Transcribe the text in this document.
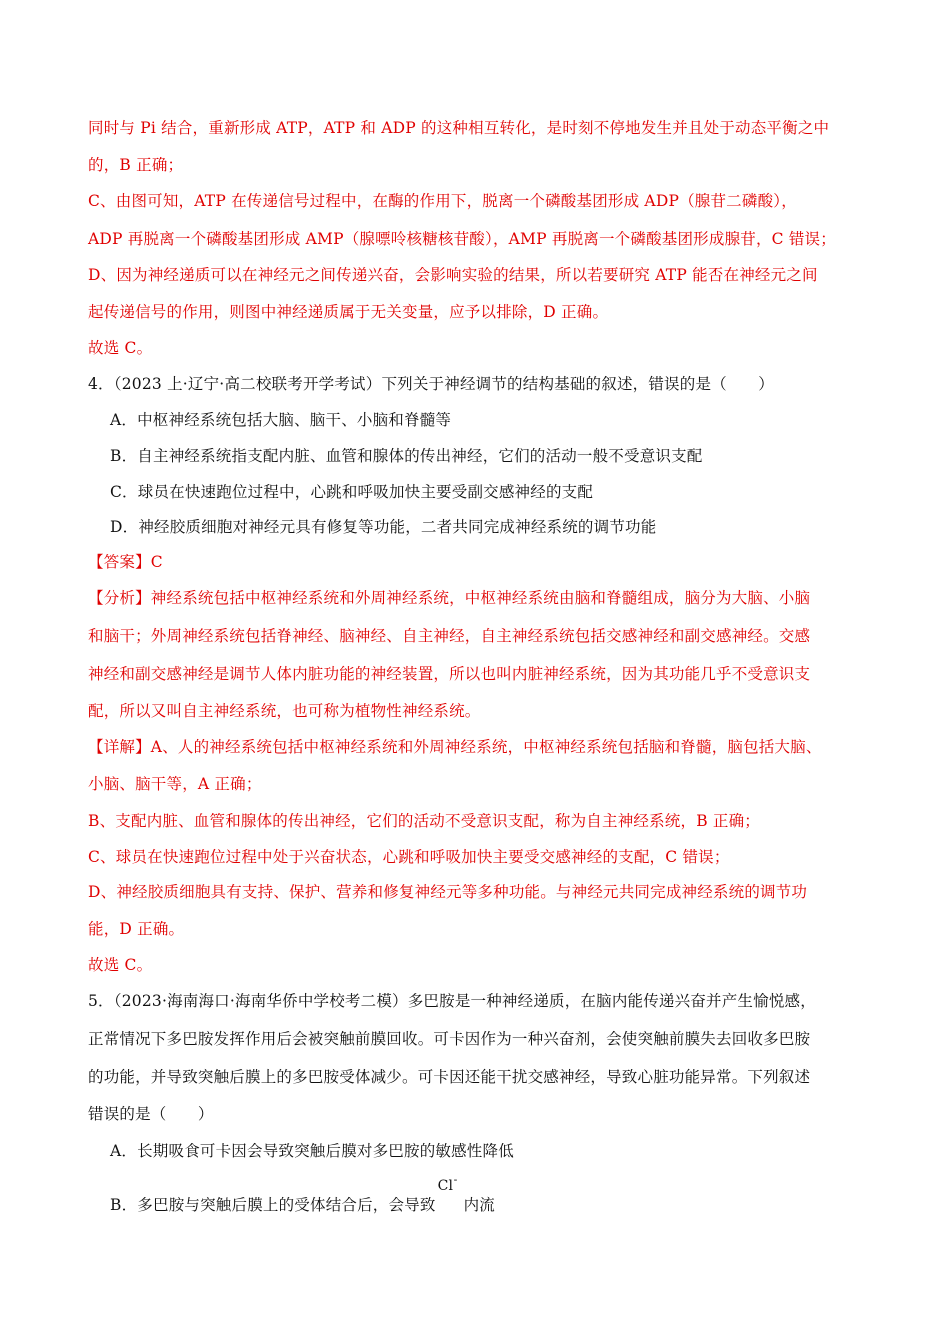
同时与 Pi 结合，重新形成 ATP，ATP 和 ADP 的这种相互转化，是时刻不停地发生并且处于动态平衡之中
的，B 正确；
C、由图可知，ATP 在传递信号过程中，在酶的作用下，脱离一个磷酸基团形成 ADP（腺苷二磷酸），
ADP 再脱离一个磷酸基团形成 AMP（腺嘌呤核糖核苷酸），AMP 再脱离一个磷酸基团形成腺苷，C 错误；
D、因为神经递质可以在神经元之间传递兴奋，会影响实验的结果，所以若要研究 ATP 能否在神经元之间
起传递信号的作用，则图中神经递质属于无关变量，应予以排除，D 正确。
故选 C。
4．（2023 上·辽宁·高二校联考开学考试）下列关于神经调节的结构基础的叙述，错误的是（　　）
A．中枢神经系统包括大脑、脑干、小脑和脊髓等
B．自主神经系统指支配内脏、血管和腺体的传出神经，它们的活动一般不受意识支配
C．球员在快速跑位过程中，心跳和呼吸加快主要受副交感神经的支配
D．神经胶质细胞对神经元具有修复等功能，二者共同完成神经系统的调节功能
【答案】C
【分析】神经系统包括中枢神经系统和外周神经系统，中枢神经系统由脑和脊髓组成，脑分为大脑、小脑
和脑干；外周神经系统包括脊神经、脑神经、自主神经，自主神经系统包括交感神经和副交感神经。交感
神经和副交感神经是调节人体内脏功能的神经装置，所以也叫内脏神经系统，因为其功能几乎不受意识支
配，所以又叫自主神经系统，也可称为植物性神经系统。
【详解】A、人的神经系统包括中枢神经系统和外周神经系统，中枢神经系统包括脑和脊髓，脑包括大脑、
小脑、脑干等，A 正确；
B、支配内脏、血管和腺体的传出神经，它们的活动不受意识支配，称为自主神经系统，B 正确；
C、球员在快速跑位过程中处于兴奋状态，心跳和呼吸加快主要受交感神经的支配，C 错误；
D、神经胶质细胞具有支持、保护、营养和修复神经元等多种功能。与神经元共同完成神经系统的调节功
能，D 正确。
故选 C。
5．（2023·海南海口·海南华侨中学校考二模）多巴胺是一种神经递质，在脑内能传递兴奋并产生愉悦感，
正常情况下多巴胺发挥作用后会被突触前膜回收。可卡因作为一种兴奋剂，会使突触前膜失去回收多巴胺
的功能，并导致突触后膜上的多巴胺受体减少。可卡因还能干扰交感神经，导致心脏功能异常。下列叙述
错误的是（　　）
A．长期吸食可卡因会导致突触后膜对多巴胺的敏感性降低
B．多巴胺与突触后膜上的受体结合后，会导致
Cl -
内流
